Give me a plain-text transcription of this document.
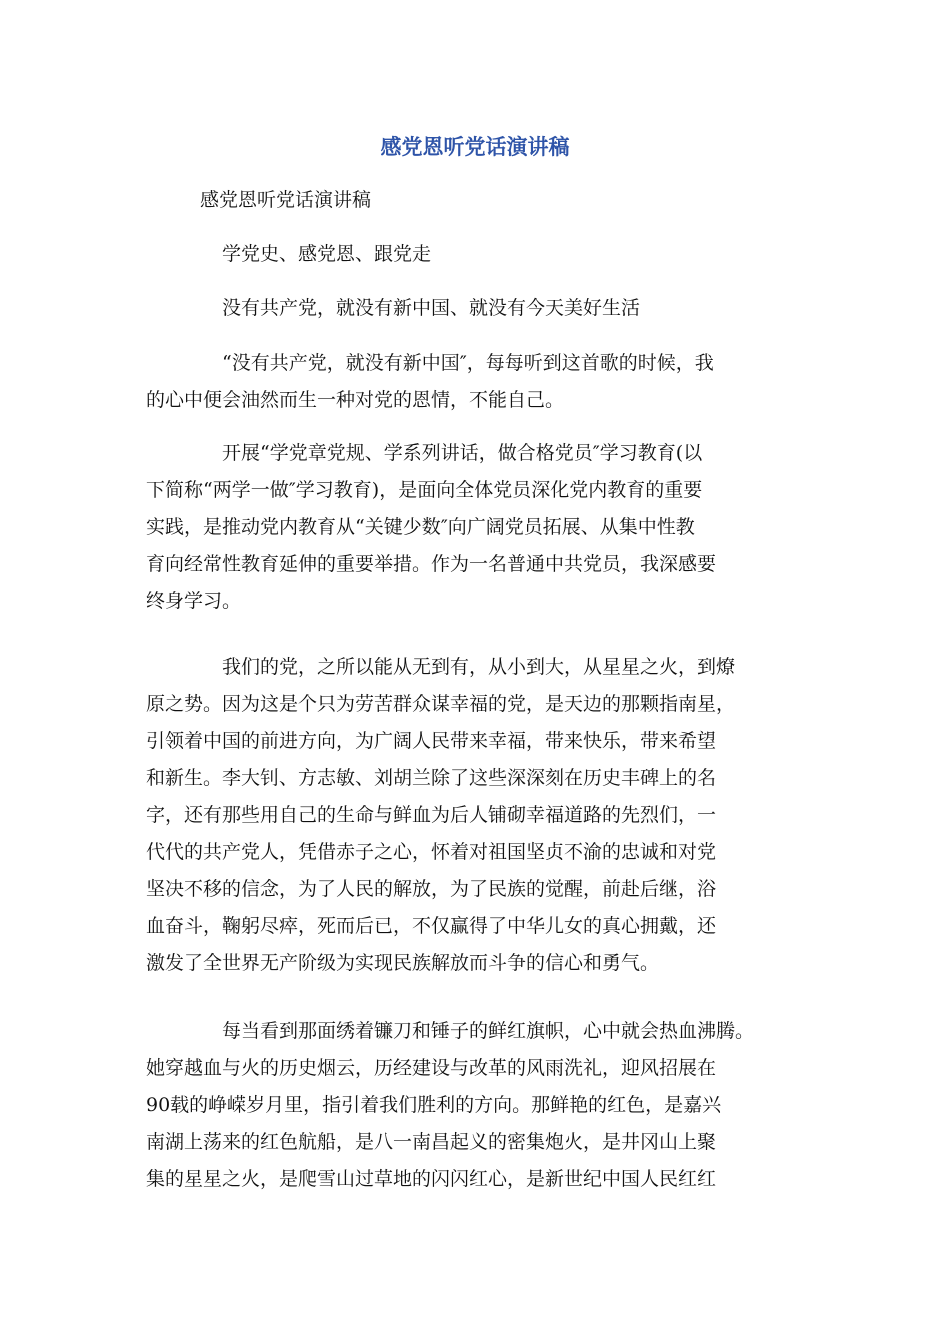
感党恩听党话演讲稿
感党恩听党话演讲稿
学党史、感党恩、跟党走
没有共产党，就没有新中国、就没有今天美好生活

“没有共产党，就没有新中国″，每每听到这首歌的时候，我

的心中便会油然而生一种对党的恩情，不能自己。

开展“学党章党规、学系列讲话，做合格党员″学习教育(以

下简称“两学一做″学习教育)，是面向全体党员深化党内教育的重要

实践，是推动党内教育从“关键少数″向广阔党员拓展、从集中性教

育向经常性教育延伸的重要举措。作为一名普通中共党员，我深感要

终身学习。

我们的党，之所以能从无到有，从小到大，从星星之火，到燎

原之势。因为这是个只为劳苦群众谋幸福的党，是天边的那颗指南星，

引领着中国的前进方向，为广阔人民带来幸福，带来快乐，带来希望

和新生。李大钊、方志敏、刘胡兰除了这些深深刻在历史丰碑上的名

字，还有那些用自己的生命与鲜血为后人铺砌幸福道路的先烈们，一

代代的共产党人，凭借赤子之心，怀着对祖国坚贞不渝的忠诚和对党

坚决不移的信念，为了人民的解放，为了民族的觉醒，前赴后继，浴

血奋斗，鞠躬尽瘁，死而后已，不仅赢得了中华儿女的真心拥戴，还

激发了全世界无产阶级为实现民族解放而斗争的信心和勇气。

每当看到那面绣着镰刀和锤子的鲜红旗帜，心中就会热血沸腾。

她穿越血与火的历史烟云，历经建设与改革的风雨洗礼，迎风招展在

90载的峥嵘岁月里，指引着我们胜利的方向。那鲜艳的红色，是嘉兴

南湖上荡来的红色航船，是八一南昌起义的密集炮火，是井冈山上聚

集的星星之火，是爬雪山过草地的闪闪红心，是新世纪中国人民红红
